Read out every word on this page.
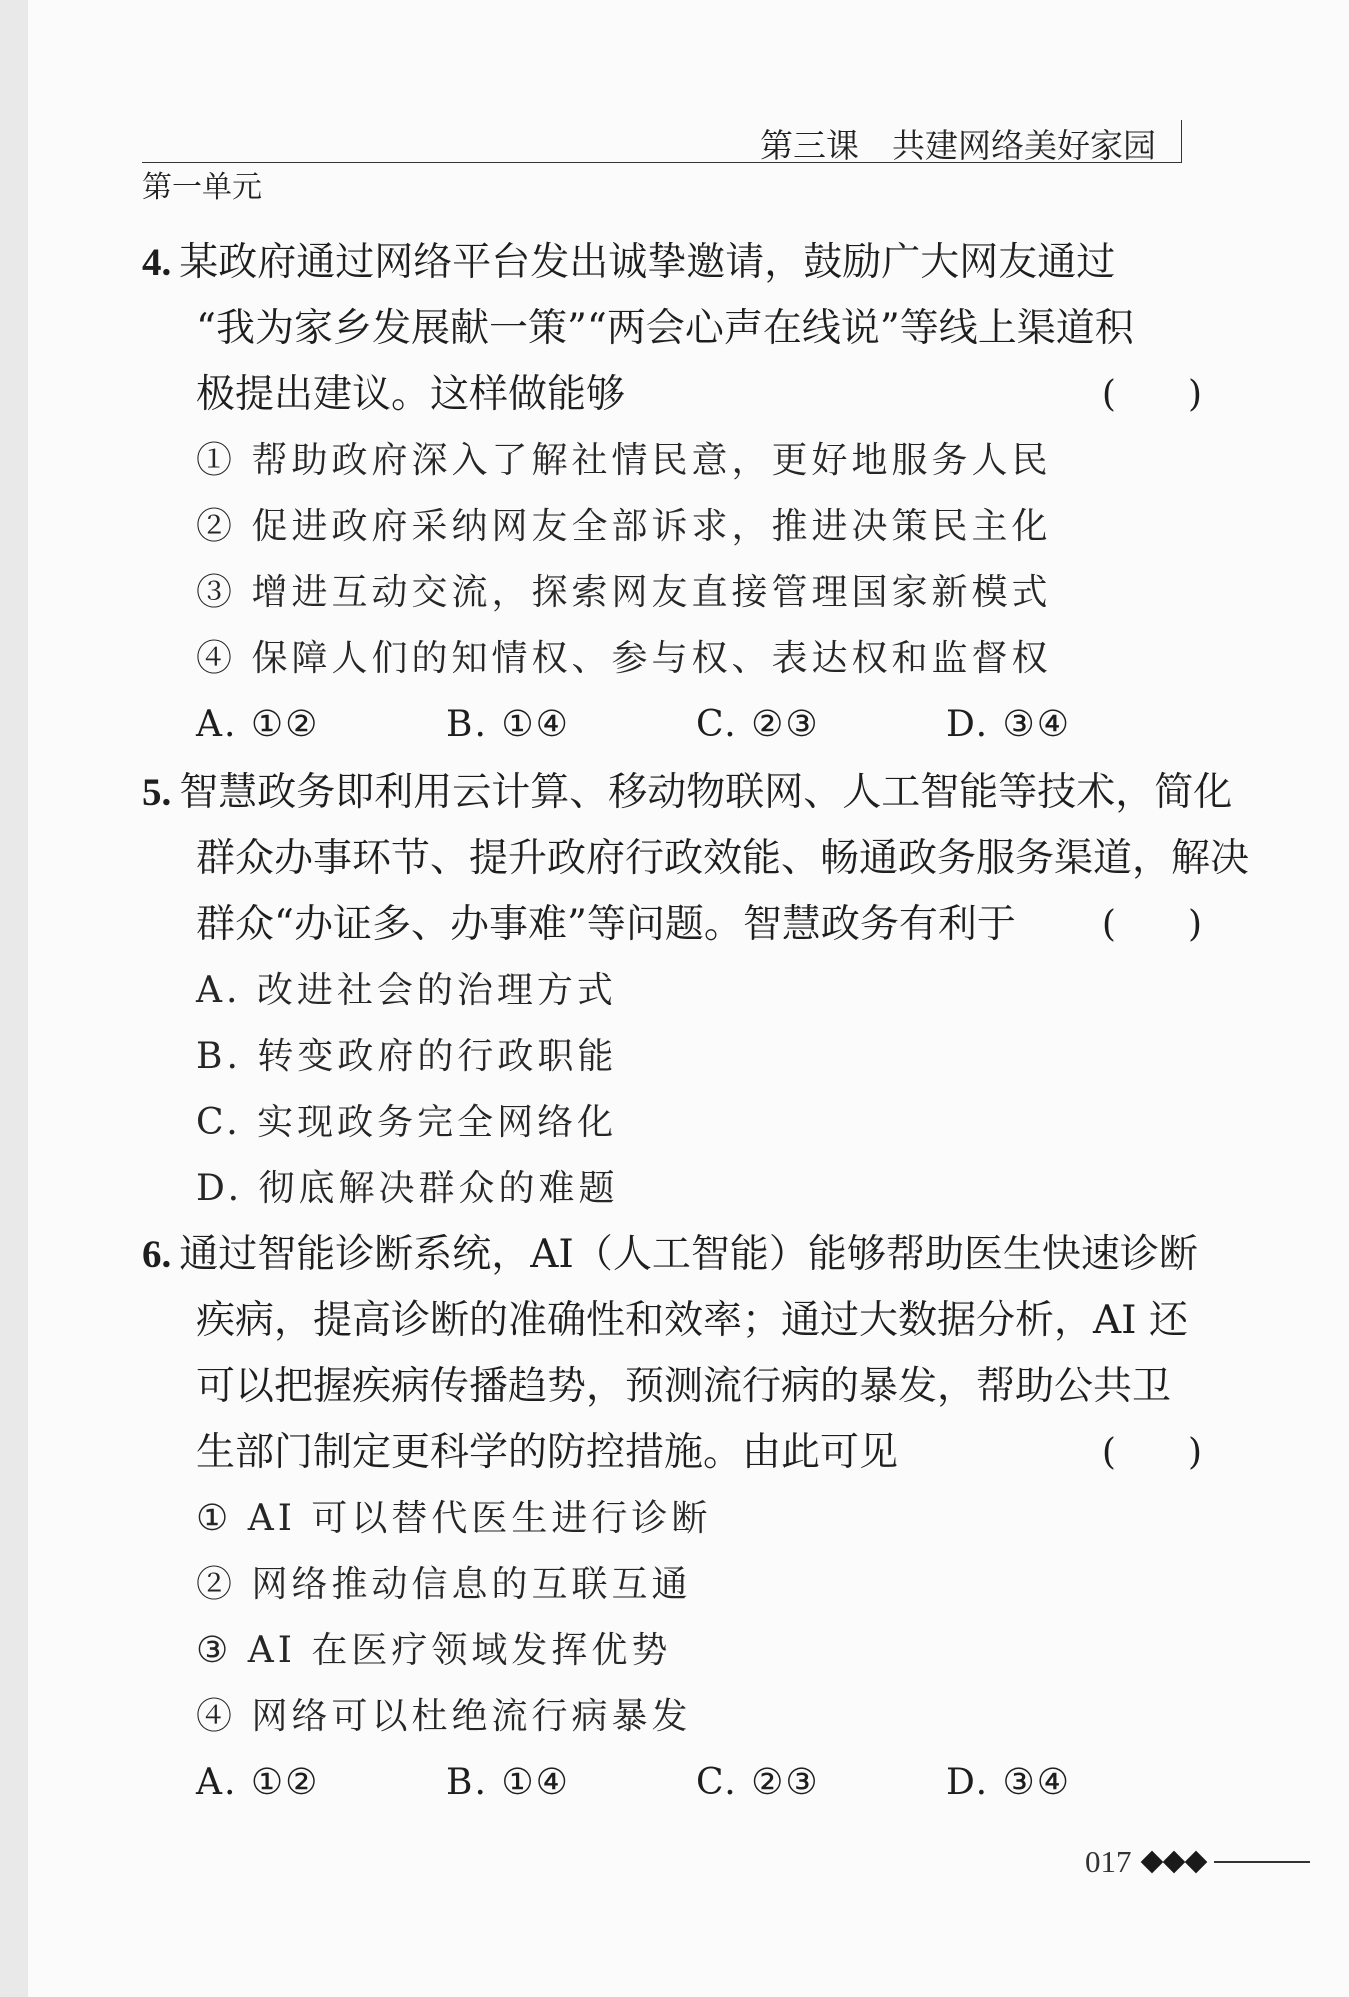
第三课　共建网络美好家园
第一单元
4. 某政府通过网络平台发出诚挚邀请，鼓励广大网友通过
“我为家乡发展献一策”“两会心声在线说”等线上渠道积
极提出建议。这样做能够	(　　)
① 帮助政府深入了解社情民意，更好地服务人民
② 促进政府采纳网友全部诉求，推进决策民主化
③ 增进互动交流，探索网友直接管理国家新模式
④ 保障人们的知情权、参与权、表达权和监督权
A. ①②	B. ①④	C. ②③	D. ③④
5. 智慧政务即利用云计算、移动物联网、人工智能等技术，简化
群众办事环节、提升政府行政效能、畅通政务服务渠道，解决
群众“办证多、办事难”等问题。智慧政务有利于 (　　)
A. 改进社会的治理方式
B. 转变政府的行政职能
C. 实现政务完全网络化
D. 彻底解决群众的难题
6. 通过智能诊断系统，AI（人工智能）能够帮助医生快速诊断
疾病，提高诊断的准确性和效率；通过大数据分析，AI 还
可以把握疾病传播趋势，预测流行病的暴发，帮助公共卫
生部门制定更科学的防控措施。由此可见	(　　)
① AI 可以替代医生进行诊断
② 网络推动信息的互联互通
③ AI 在医疗领域发挥优势
④ 网络可以杜绝流行病暴发
A. ①②	B. ①④	C. ②③	D. ③④
017
